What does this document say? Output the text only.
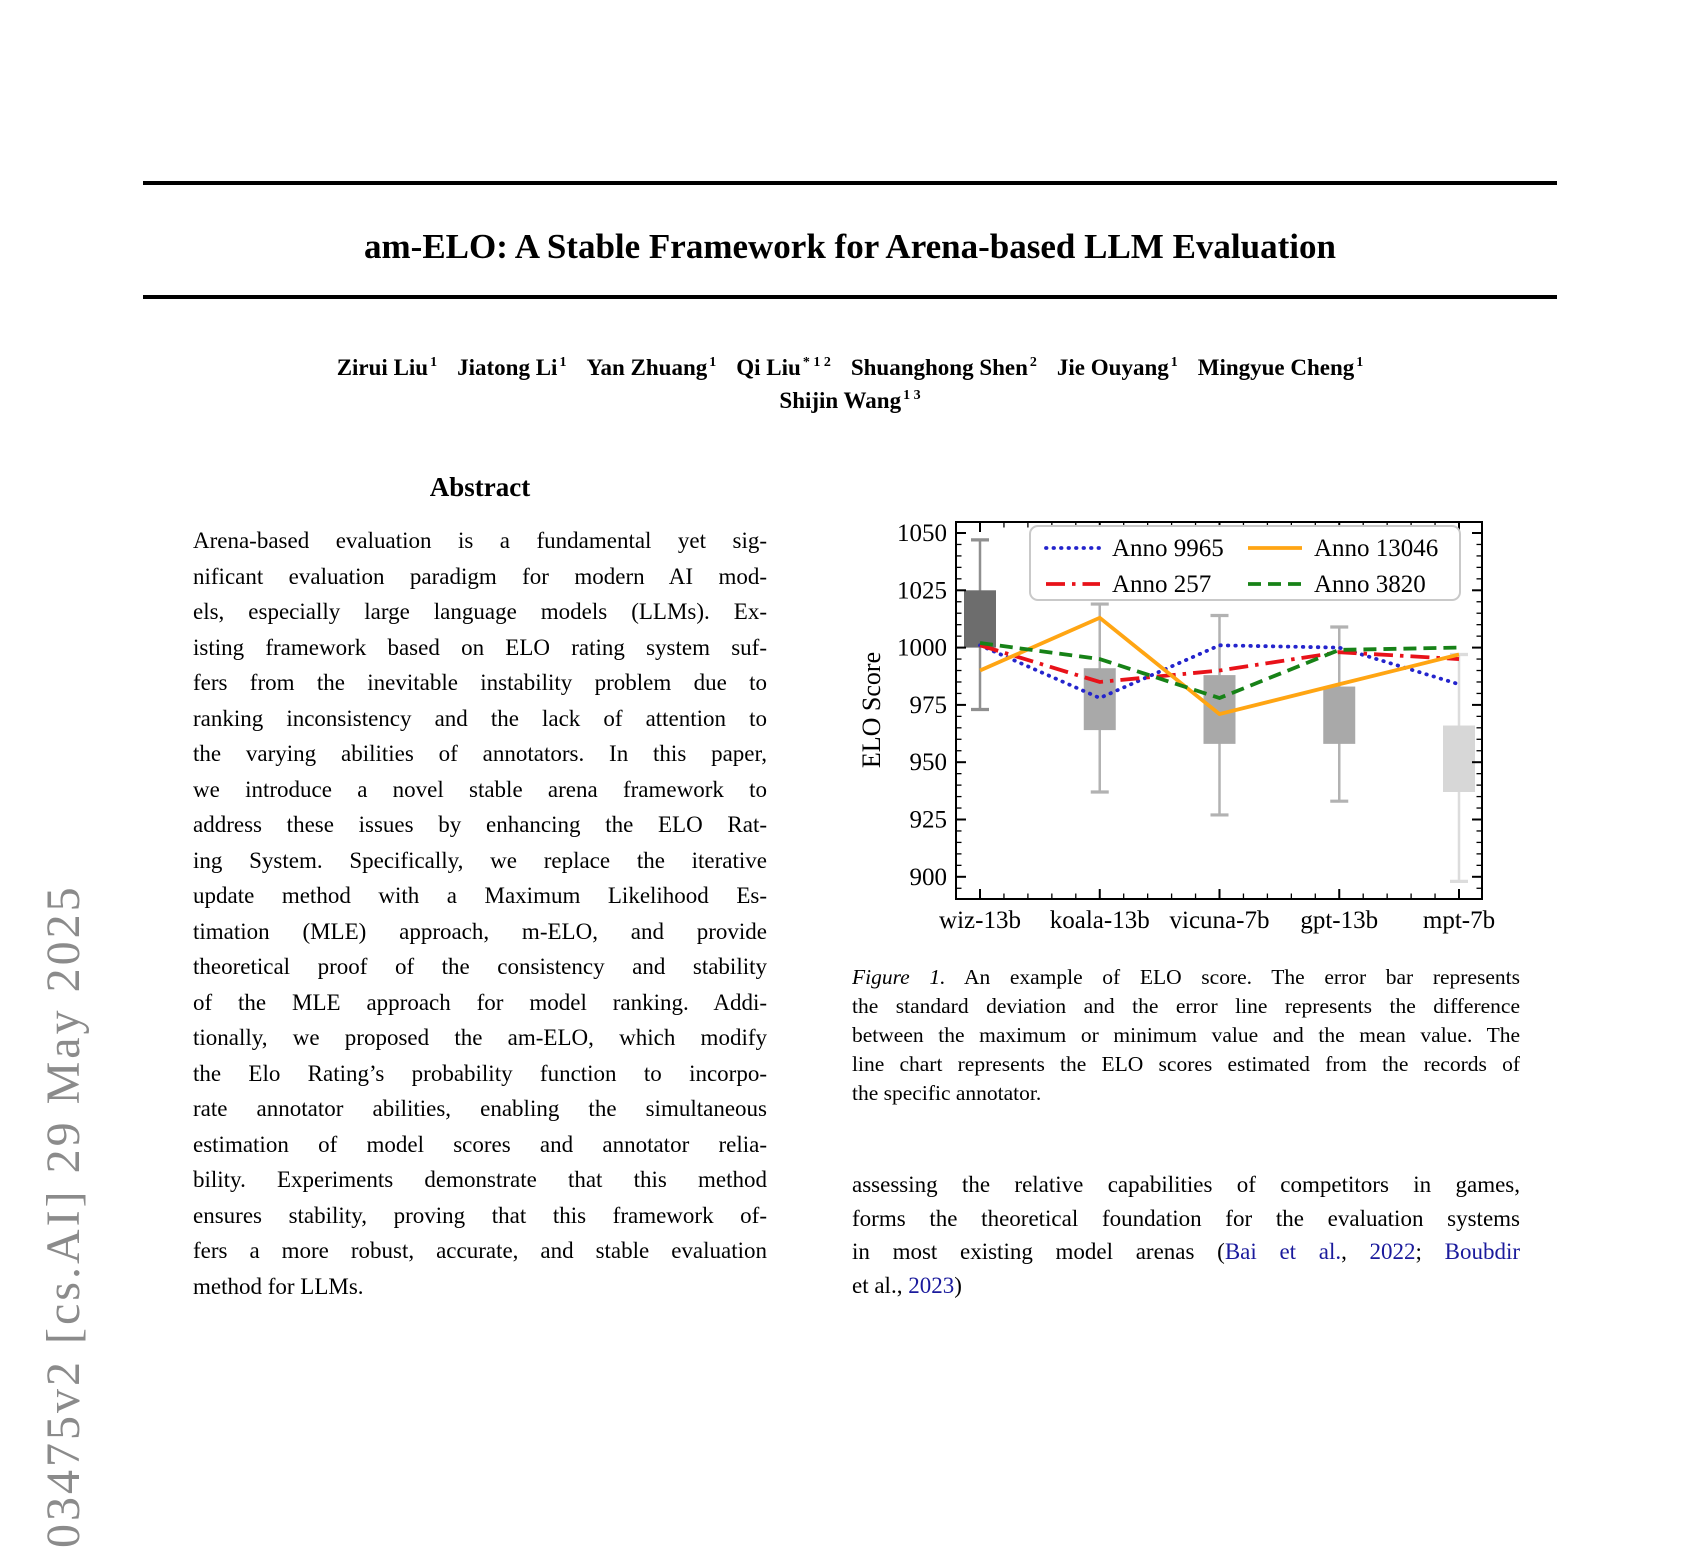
03475v2 [cs.AI] 29 May 2025
am-ELO: A Stable Framework for Arena-based LLM Evaluation
Zirui Liu $^1$ Jiatong Li $^1$ Yan Zhuang $^1$ Qi Liu $^{* 1 2}$ Shuanghong Shen $^2$ Jie Ouyang $^1$ Mingyue Cheng $^1$
Shijin Wang $^{1 3}$
Abstract
Arena-based evaluation is a fundamental yet sig-
nificant evaluation paradigm for modern AI mod-
els, especially large language models (LLMs). Ex-
isting framework based on ELO rating system suf-
fers from the inevitable instability problem due to
ranking inconsistency and the lack of attention to
the varying abilities of annotators. In this paper,
we introduce a novel stable arena framework to
address these issues by enhancing the ELO Rat-
ing System. Specifically, we replace the iterative
update method with a Maximum Likelihood Es-
timation (MLE) approach, m-ELO, and provide
theoretical proof of the consistency and stability
of the MLE approach for model ranking. Addi-
tionally, we proposed the am-ELO, which modify
the Elo Rating’s probability function to incorpo-
rate annotator abilities, enabling the simultaneous
estimation of model scores and annotator relia-
bility. Experiments demonstrate that this method
ensures stability, proving that this framework of-
fers a more robust, accurate, and stable evaluation
method for LLMs.
900
925
950
975
1000
1025
1050
wiz-13b koala-13b vicuna-7b gpt-13b mpt-7b
ELO Score
Anno 9965
Anno 257
Anno 13046
Anno 3820
Figure 1. An example of ELO score. The error bar represents
the standard deviation and the error line represents the difference
between the maximum or minimum value and the mean value. The
line chart represents the ELO scores estimated from the records of
the specific annotator.
assessing the relative capabilities of competitors in games,
forms the theoretical foundation for the evaluation systems
in most existing model arenas (Bai et al., 2022; Boubdir
et al., 2023)
